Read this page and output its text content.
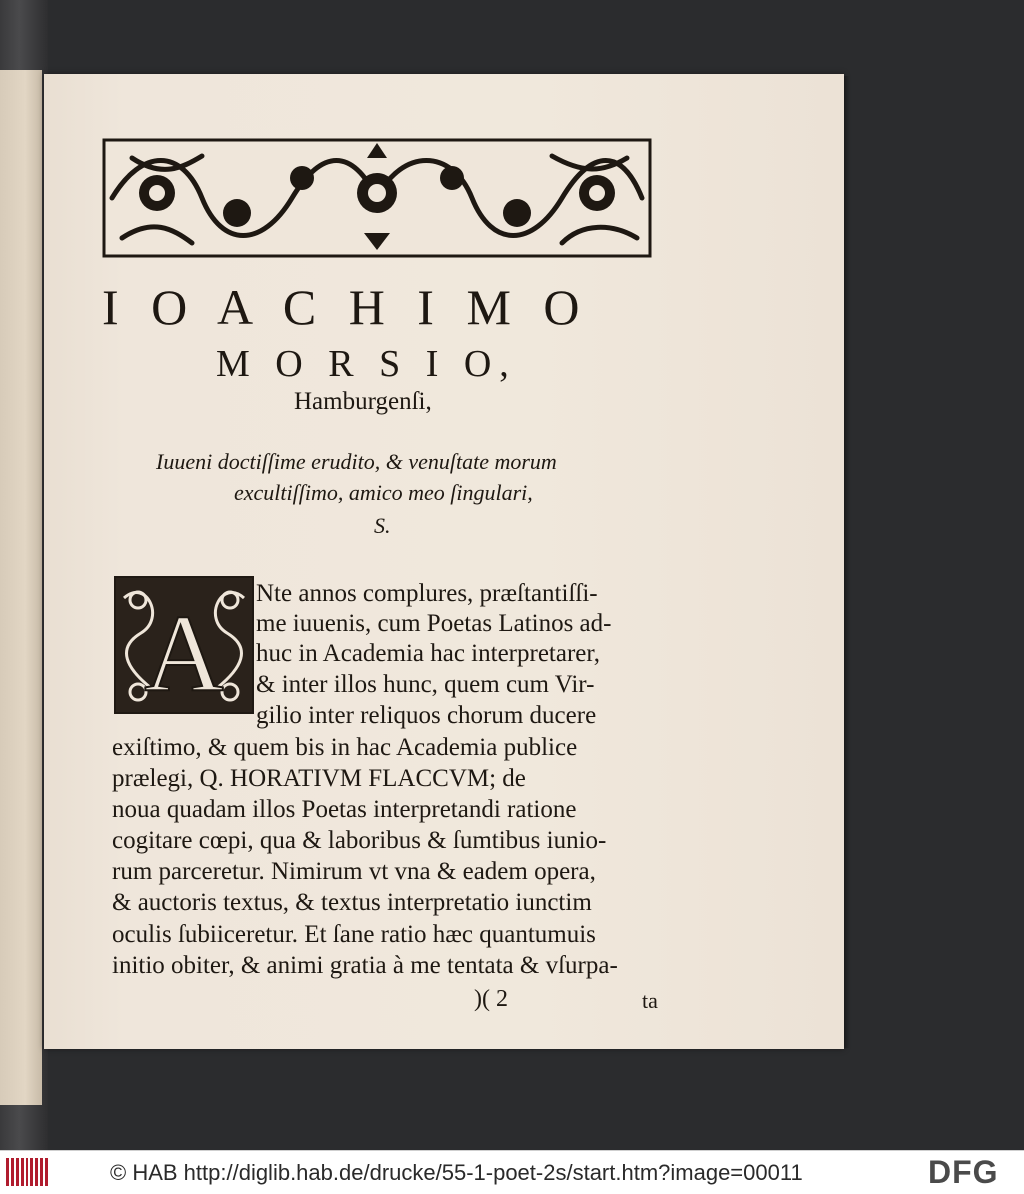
I O A C H I M O
M O R S I O,
Hamburgenſi,
Iuueni doctiſſime erudito, & venuſtate morum
excultiſſimo, amico meo ſingulari,
S.
A Nte annos complures, præſtantiſſi-
me iuuenis, cum Poetas Latinos ad-
huc in Academia hac interpretarer,
& inter illos hunc, quem cum Vir-
gilio inter reliquos chorum ducere
exiſtimo, & quem bis in hac Academia publice
prælegi, Q. HORATIVM FLACCVM; de
noua quadam illos Poetas interpretandi ratione
cogitare cœpi, qua & laboribus & ſumtibus iunio-
rum parceretur. Nimirum vt vna & eadem opera,
& auctoris textus, & textus interpretatio iunctim
oculis ſubiiceretur. Et ſane ratio hæc quantumuis
initio obiter, & animi gratia à me tentata & vſurpa-
)( 2	ta
© HAB http://diglib.hab.de/drucke/55-1-poet-2s/start.htm?image=00011	DFG
